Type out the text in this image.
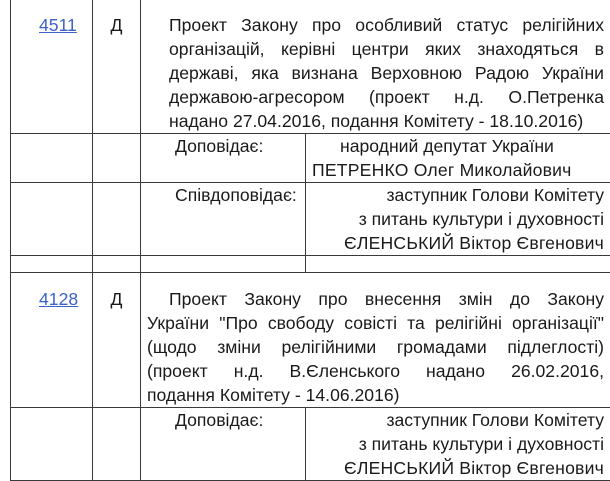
4511	Д	Проект Закону про особливий статус релігійних
організацій, керівні центри яких знаходяться в
державі, яка визнана Верховною Радою України
державою-агресором (проект н.д. О.Петренка
надано 27.04.2016, подання Комітету - 18.10.2016)	

		Доповідає:	народний депутат України
ПЕТРЕНКО Олег Миколайович

		Співдоповідає:	заступник Голови Комітету
з питань культури і духовності
ЄЛЕНСЬКИЙ Віктор Євгенович

4128	Д	Проект Закону про внесення змін до Закону
України "Про свободу совісті та релігійні організації"
(щодо зміни релігійними громадами підлеглості)
(проект н.д. В.Єленського надано 26.02.2016,
подання Комітету - 14.06.2016)	

		Доповідає:	заступник Голови Комітету
з питань культури і духовності
ЄЛЕНСЬКИЙ Віктор Євгенович
